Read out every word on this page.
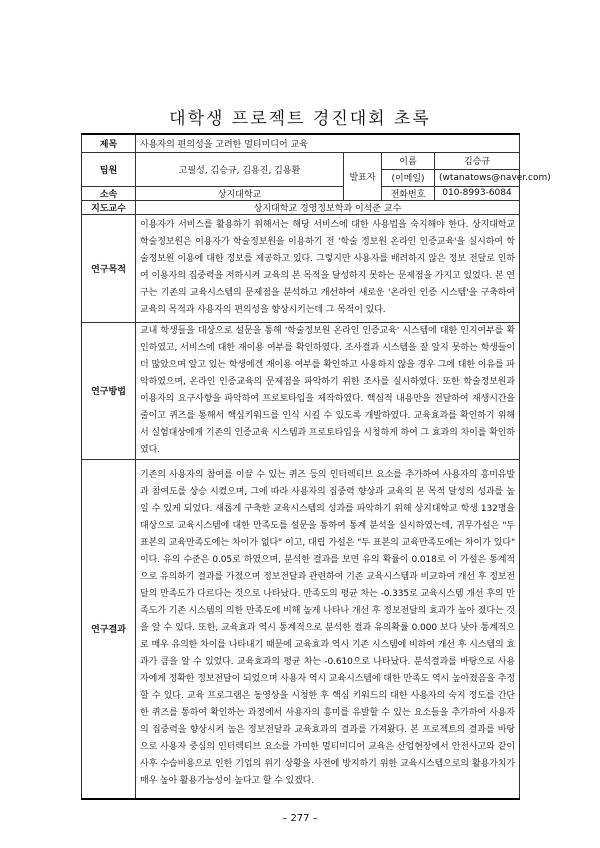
대학생 프로젝트 경진대회 초록
제목	사용자의 편의성을 고려한 멀티미디어 교육			
팀원	고필성, 김승규, 김용진, 김용환	발표자	이름	김승규
			(이메일)	(wtanatows@naver.com)
소속	상지대학교		전화번호	010-8993-6084
지도교수	상지대학교 경영정보학과 이석준 교수			
연구목적	이용자가 서비스를 활용하기 위해서는 해당 서비스에 대한 사용법을 숙지해야 한다. 상지대학교 학술정보원은 이용자가 학술정보원을 이용하기 전 '학술 정보원 온라인 인증교육'을 실시하여 학술정보원 이용에 대한 정보를 제공하고 있다. 그렇지만 사용자를 배려하지 않은 정보 전달로 인하여 이용자의 집중력을 저하시켜 교육의 본 목적을 달성하지 못하는 문제점을 가지고 있었다. 본 연구는 기존의 교육시스템의 문제점을 분석하고 개선하여 새로운 '온라인 인증 시스템'을 구축하여 교육의 목적과 사용자의 편의성을 향상시키는데 그 목적이 있다.			
연구방법	교내 학생들을 대상으로 설문을 통해 '학술정보원 온라인 인증교육' 시스템에 대한 인지여부를 확인하였고, 서비스에 대한 재이용 여부를 확인하였다. 조사결과 시스템을 잘 알지 못하는 학생들이 더 많았으며 알고 있는 학생에겐 재이용 여부를 확인하고 사용하지 않을 경우 그에 대한 이유를 파악하였으며, 온라인 인증교육의 문제점을 파악하기 위한 조사를 실시하였다. 또한 학술정보원과 이용자의 요구사항을 파악하여 프로토타입을 제작하였다. 핵심적 내용만을 전달하여 재생시간을 줄이고 퀴즈를 통해서 핵심키워드를 인식 시킬 수 있도록 개발하였다. 교육효과를 확인하기 위해서 실험대상에게 기존의 인증교육 시스템과 프로토타입을 시청하게 하여 그 효과의 차이를 확인하였다.			
연구결과	기존의 사용자의 참여를 이끌 수 있는 퀴즈 등의 인터렉티브 요소를 추가하여 사용자의 흥미유발과 참여도를 상승 시켰으며, 그에 따라 사용자의 집중력 향상과 교육의 본 목적 달성의 성과를 높일 수 있게 되었다. 새롭게 구축한 교육시스템의 성과를 파악하기 위해 상지대학교 학생 132명을 대상으로 교육시스템에 대한 만족도를 설문을 통하여 통계 분석을 실시하였는데, 귀무가설은 "두 표본의 교육만족도에는 차이가 없다" 이고, 대립 가설은 "두 표본의 교육만족도에는 차이가 있다" 이다. 유의 수준은 0.05로 하였으며, 분석한 결과를 보면 유의 확률이 0.018로 이 가설은 통계적으로 유의하기 결과를 가졌으며 정보전달과 관련하여 기존 교육시스템과 비교하여 개선 후 정보전달의 만족도가 다르다는 것으로 나타났다. 만족도의 평균 차는 -0.335로 교육시스템 개선 후의 만족도가 기존 시스템의 의한 만족도에 비해 높게 나타나 개선 후 정보전달의 효과가 높아 졌다는 것을 알 수 있다. 또한, 교육효과 역시 통계적으로 분석한 결과 유의확률 0.000 보다 낮아 통계적으로 매우 유의한 차이를 나타내기 때문에 교육효과 역시 기존 시스템에 비하여 개선 후 시스템의 효과가 큼을 알 수 있었다. 교육효과의 평균 차는 -0.610으로 나타났다. 분석결과를 바탕으로 사용자에게 정확한 정보전달이 되었으며 사용자 역시 교육시스템에 대한 만족도 역시 높아졌음을 추정할 수 있다. 교육 프로그램은 동영상을 시청한 후 핵심 키워드의 대한 사용자의 숙지 정도를 간단한 퀴즈를 통하여 확인하는 과정에서 사용자의 흥미를 유발할 수 있는 요소들을 추가하여 사용자의 집중력을 향상시켜 높은 정보전달과 교육효과의 결과를 가져왔다. 본 프로젝트의 결과를 바탕으로 사용자 중심의 인터렉티브 요소를 가미한 멀티미디어 교육은 산업현장에서 안전사고와 같이 사후 수습비용으로 인한 기업의 위기 상황을 사전에 방지하기 위한 교육시스템으로의 활용가치가 매우 높아 활용가능성이 높다고 할 수 있겠다.			
– 277 –
